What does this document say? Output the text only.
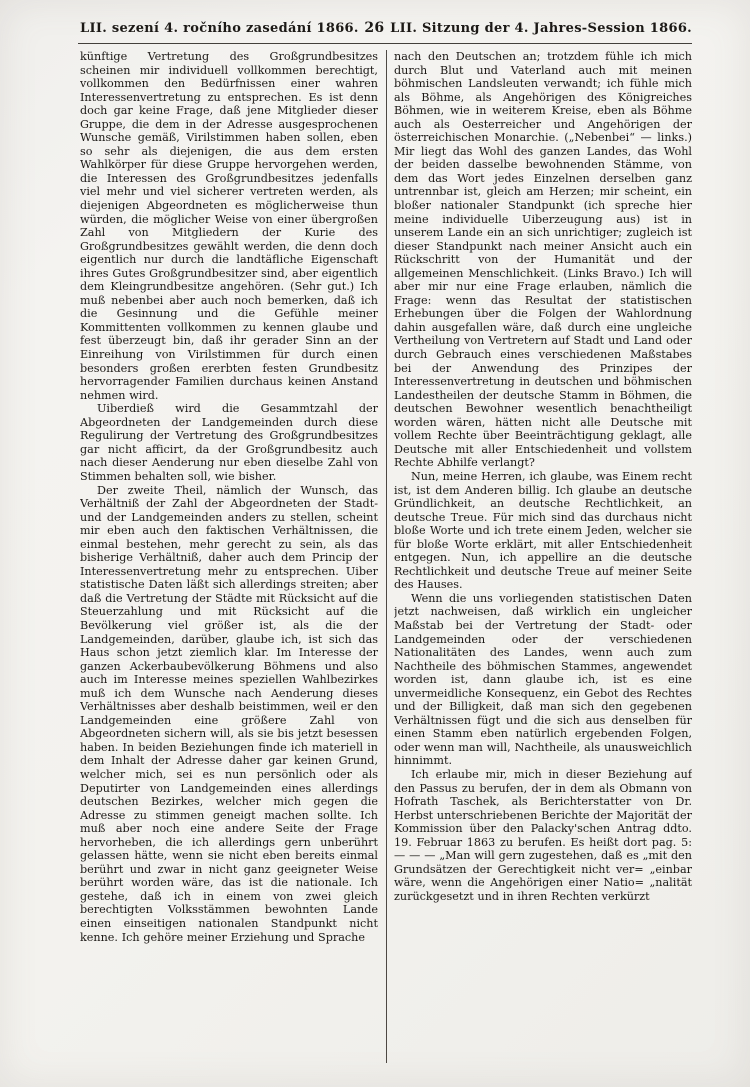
LII. sezení 4. ročního zasedání 1866. 26 LII. Sitzung der 4. Jahres-Session 1866.

künftige Vertretung des Großgrundbesitzes scheinen mir individuell vollkommen berechtigt, vollkommen den Bedürfnissen einer wahren Interessenvertretung zu entsprechen. Es ist denn doch gar keine Frage, daß jene Mitglieder dieser Gruppe, die dem in der Adresse ausgesprochenen Wunsche gemäß, Virilstimmen haben sollen, eben so sehr als diejenigen, die aus dem ersten Wahlkörper für diese Gruppe hervorgehen werden, die Interessen des Großgrundbesitzes jedenfalls viel mehr und viel sicherer vertreten werden, als diejenigen Abgeordneten es möglicherweise thun würden, die möglicher Weise von einer übergroßen Zahl von Mitgliedern der Kurie des Großgrundbesitzes gewählt werden, die denn doch eigentlich nur durch die landtäfliche Eigenschaft ihres Gutes Großgrundbesitzer sind, aber eigentlich dem Kleingrundbesitze angehören. (Sehr gut.) Ich muß nebenbei aber auch noch bemerken, daß ich die Gesinnung und die Gefühle meiner Kommittenten vollkommen zu kennen glaube und fest überzeugt bin, daß ihr gerader Sinn an der Einreihung von Virilstimmen für durch einen besonders großen ererbten festen Grundbesitz hervorragender Familien durchaus keinen Anstand nehmen wird.

Uiberdieß wird die Gesammtzahl der Abgeordneten der Landgemeinden durch diese Regulirung der Vertretung des Großgrundbesitzes gar nicht afficirt, da der Großgrundbesitz auch nach dieser Aenderung nur eben dieselbe Zahl von Stimmen behalten soll, wie bisher.

Der zweite Theil, nämlich der Wunsch, das Verhältniß der Zahl der Abgeordneten der Stadt- und der Landgemeinden anders zu stellen, scheint mir eben auch den faktischen Verhältnissen, die einmal bestehen, mehr gerecht zu sein, als das bisherige Verhältniß, daher auch dem Princip der Interessenvertretung mehr zu entsprechen. Uiber statistische Daten läßt sich allerdings streiten; aber daß die Vertretung der Städte mit Rücksicht auf die Steuerzahlung und mit Rücksicht auf die Bevölkerung viel größer ist, als die der Landgemeinden, darüber, glaube ich, ist sich das Haus schon jetzt ziemlich klar. Im Interesse der ganzen Ackerbaubevölkerung Böhmens und also auch im Interesse meines speziellen Wahlbezirkes muß ich dem Wunsche nach Aenderung dieses Verhältnisses aber deshalb beistimmen, weil er den Landgemeinden eine größere Zahl von Abgeordneten sichern will, als sie bis jetzt besessen haben. In beiden Beziehungen finde ich materiell in dem Inhalt der Adresse daher gar keinen Grund, welcher mich, sei es nun persönlich oder als Deputirter von Landgemeinden eines allerdings deutschen Bezirkes, welcher mich gegen die Adresse zu stimmen geneigt machen sollte. Ich muß aber noch eine andere Seite der Frage hervorheben, die ich allerdings gern unberührt gelassen hätte, wenn sie nicht eben bereits einmal berührt und zwar in nicht ganz geeigneter Weise berührt worden wäre, das ist die nationale. Ich gestehe, daß ich in einem von zwei gleich berechtigten Volksstämmen bewohnten Lande einen einseitigen nationalen Standpunkt nicht kenne. Ich gehöre meiner Erziehung und Sprache

nach den Deutschen an; trotzdem fühle ich mich durch Blut und Vaterland auch mit meinen böhmischen Landsleuten verwandt; ich fühle mich als Böhme, als Angehörigen des Königreiches Böhmen, wie in weiterem Kreise, eben als Böhme auch als Oesterreicher und Angehörigen der österreichischen Monarchie. („Nebenbei“ — links.) Mir liegt das Wohl des ganzen Landes, das Wohl der beiden dasselbe bewohnenden Stämme, von dem das Wort jedes Einzelnen derselben ganz untrennbar ist, gleich am Herzen; mir scheint, ein bloßer nationaler Standpunkt (ich spreche hier meine individuelle Uiberzeugung aus) ist in unserem Lande ein an sich unrichtiger; zugleich ist dieser Standpunkt nach meiner Ansicht auch ein Rückschritt von der Humanität und der allgemeinen Menschlichkeit. (Links Bravo.) Ich will aber mir nur eine Frage erlauben, nämlich die Frage: wenn das Resultat der statistischen Erhebungen über die Folgen der Wahlordnung dahin ausgefallen wäre, daß durch eine ungleiche Vertheilung von Vertretern auf Stadt und Land oder durch Gebrauch eines verschiedenen Maßstabes bei der Anwendung des Prinzipes der Interessenvertretung in deutschen und böhmischen Landestheilen der deutsche Stamm in Böhmen, die deutschen Bewohner wesentlich benachtheiligt worden wären, hätten nicht alle Deutsche mit vollem Rechte über Beeinträchtigung geklagt, alle Deutsche mit aller Entschiedenheit und vollstem Rechte Abhilfe verlangt?

Nun, meine Herren, ich glaube, was Einem recht ist, ist dem Anderen billig. Ich glaube an deutsche Gründlichkeit, an deutsche Rechtlichkeit, an deutsche Treue. Für mich sind das durchaus nicht bloße Worte und ich trete einem Jeden, welcher sie für bloße Worte erklärt, mit aller Entschiedenheit entgegen. Nun, ich appellire an die deutsche Rechtlichkeit und deutsche Treue auf meiner Seite des Hauses.

Wenn die uns vorliegenden statistischen Daten jetzt nachweisen, daß wirklich ein ungleicher Maßstab bei der Vertretung der Stadt- oder Landgemeinden oder der verschiedenen Nationalitäten des Landes, wenn auch zum Nachtheile des böhmischen Stammes, angewendet worden ist, dann glaube ich, ist es eine unvermeidliche Konsequenz, ein Gebot des Rechtes und der Billigkeit, daß man sich den gegebenen Verhältnissen fügt und die sich aus denselben für einen Stamm eben natürlich ergebenden Folgen, oder wenn man will, Nachtheile, als unausweichlich hinnimmt.

Ich erlaube mir, mich in dieser Beziehung auf den Passus zu berufen, der in dem als Obmann von Hofrath Taschek, als Berichterstatter von Dr. Herbst unterschriebenen Berichte der Majorität der Kommission über den Palacky'schen Antrag ddto. 19. Februar 1863 zu berufen. Es heißt dort pag. 5: — — — „Man will gern zugestehen, daß es „mit den Grundsätzen der Gerechtigkeit nicht ver= „einbar wäre, wenn die Angehörigen einer Natio= „nalität zurückgesetzt und in ihren Rechten verkürzt
